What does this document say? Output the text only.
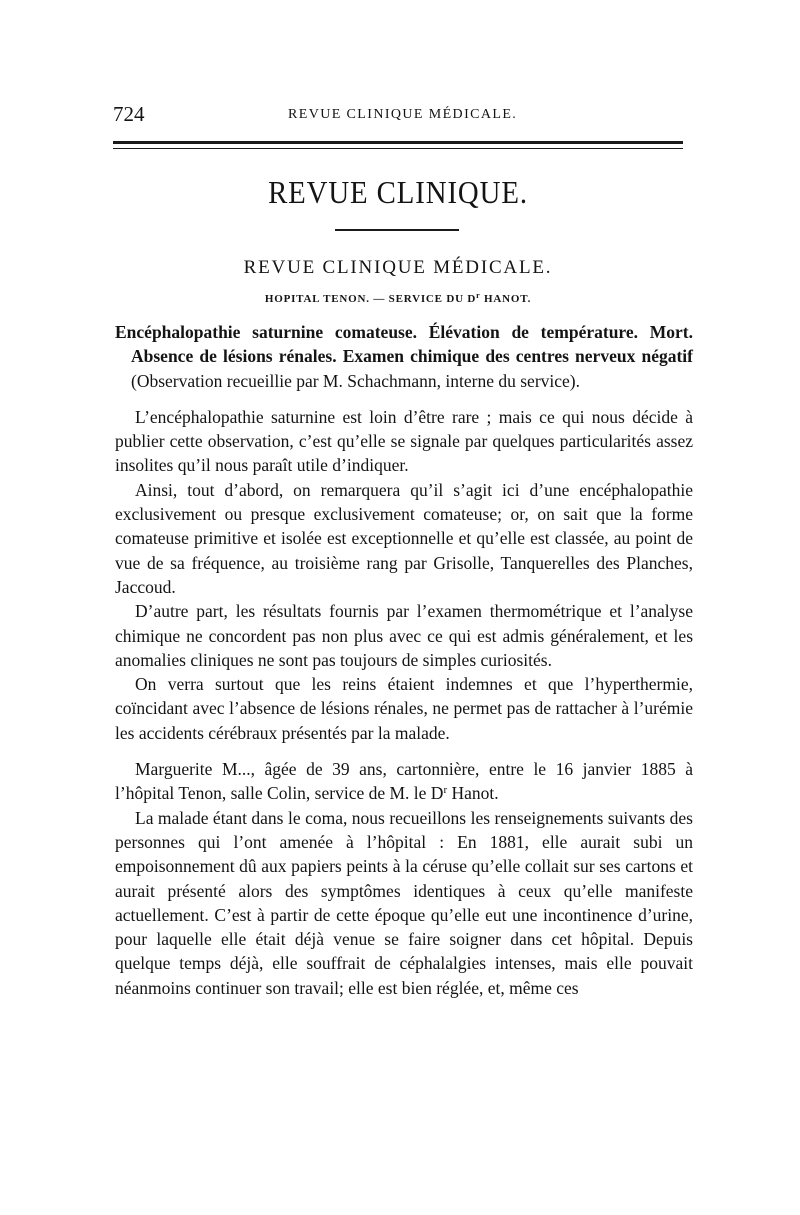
724	REVUE CLINIQUE MÉDICALE.
REVUE CLINIQUE.
REVUE CLINIQUE MÉDICALE.
HOPITAL TENON. — SERVICE DU $D^r$ HANOT.

Encéphalopathie saturnine comateuse. Élévation de température. Mort. Absence de lésions rénales. Examen chimique des centres nerveux négatif (Observation recueillie par M. Schachmann, interne du service).

L’encéphalopathie saturnine est loin d’être rare ; mais ce qui nous décide à publier cette observation, c’est qu’elle se signale par quelques particularités assez insolites qu’il nous paraît utile d’indiquer.

Ainsi, tout d’abord, on remarquera qu’il s’agit ici d’une encéphalopathie exclusivement ou presque exclusivement comateuse; or, on sait que la forme comateuse primitive et isolée est exceptionnelle et qu’elle est classée, au point de vue de sa fréquence, au troisième rang par Grisolle, Tanquerelles des Planches, Jaccoud.

D’autre part, les résultats fournis par l’examen thermométrique et l’analyse chimique ne concordent pas non plus avec ce qui est admis généralement, et les anomalies cliniques ne sont pas toujours de simples curiosités.

On verra surtout que les reins étaient indemnes et que l’hyperthermie, coïncidant avec l’absence de lésions rénales, ne permet pas de rattacher à l’urémie les accidents cérébraux présentés par la malade.

Marguerite M..., âgée de 39 ans, cartonnière, entre le 16 janvier 1885 à l’hôpital Tenon, salle Colin, service de M. le $D^r$ Hanot.

La malade étant dans le coma, nous recueillons les renseignements suivants des personnes qui l’ont amenée à l’hôpital : En 1881, elle aurait subi un empoisonnement dû aux papiers peints à la céruse qu’elle collait sur ses cartons et aurait présenté alors des symptômes identiques à ceux qu’elle manifeste actuellement. C’est à partir de cette époque qu’elle eut une incontinence d’urine, pour laquelle elle était déjà venue se faire soigner dans cet hôpital. Depuis quelque temps déjà, elle souffrait de céphalalgies intenses, mais elle pouvait néanmoins continuer son travail; elle est bien réglée, et, même ces
